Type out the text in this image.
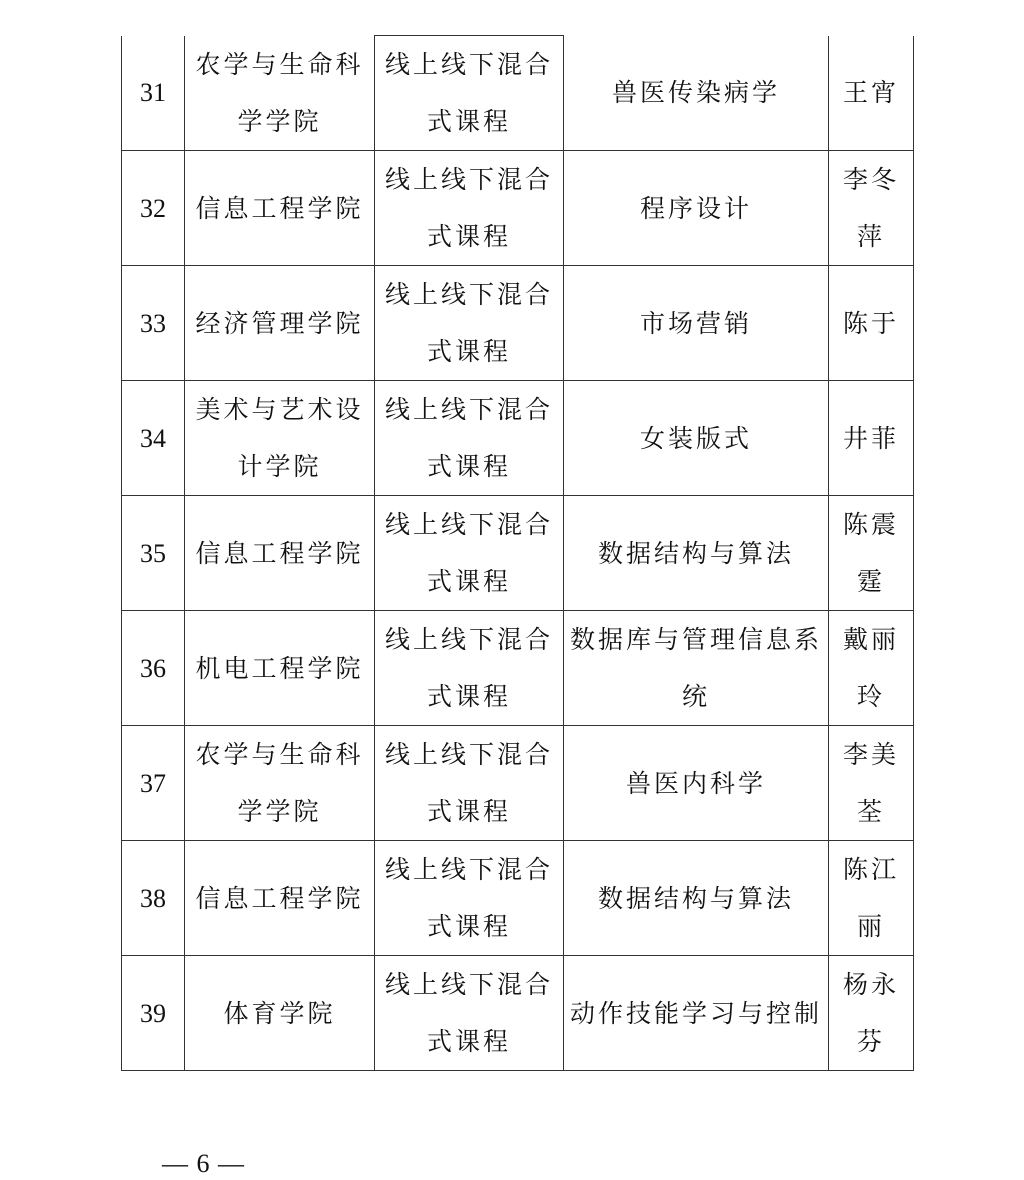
31	农学与生命科学学院	线上线下混合式课程	兽医传染病学	王宵
32	信息工程学院	线上线下混合式课程	程序设计	李冬萍
33	经济管理学院	线上线下混合式课程	市场营销	陈于
34	美术与艺术设计学院	线上线下混合式课程	女装版式	井菲
35	信息工程学院	线上线下混合式课程	数据结构与算法	陈震霆
36	机电工程学院	线上线下混合式课程	数据库与管理信息系统	戴丽玲
37	农学与生命科学学院	线上线下混合式课程	兽医内科学	李美荃
38	信息工程学院	线上线下混合式课程	数据结构与算法	陈江丽
39	体育学院	线上线下混合式课程	动作技能学习与控制	杨永芬
— 6 —
